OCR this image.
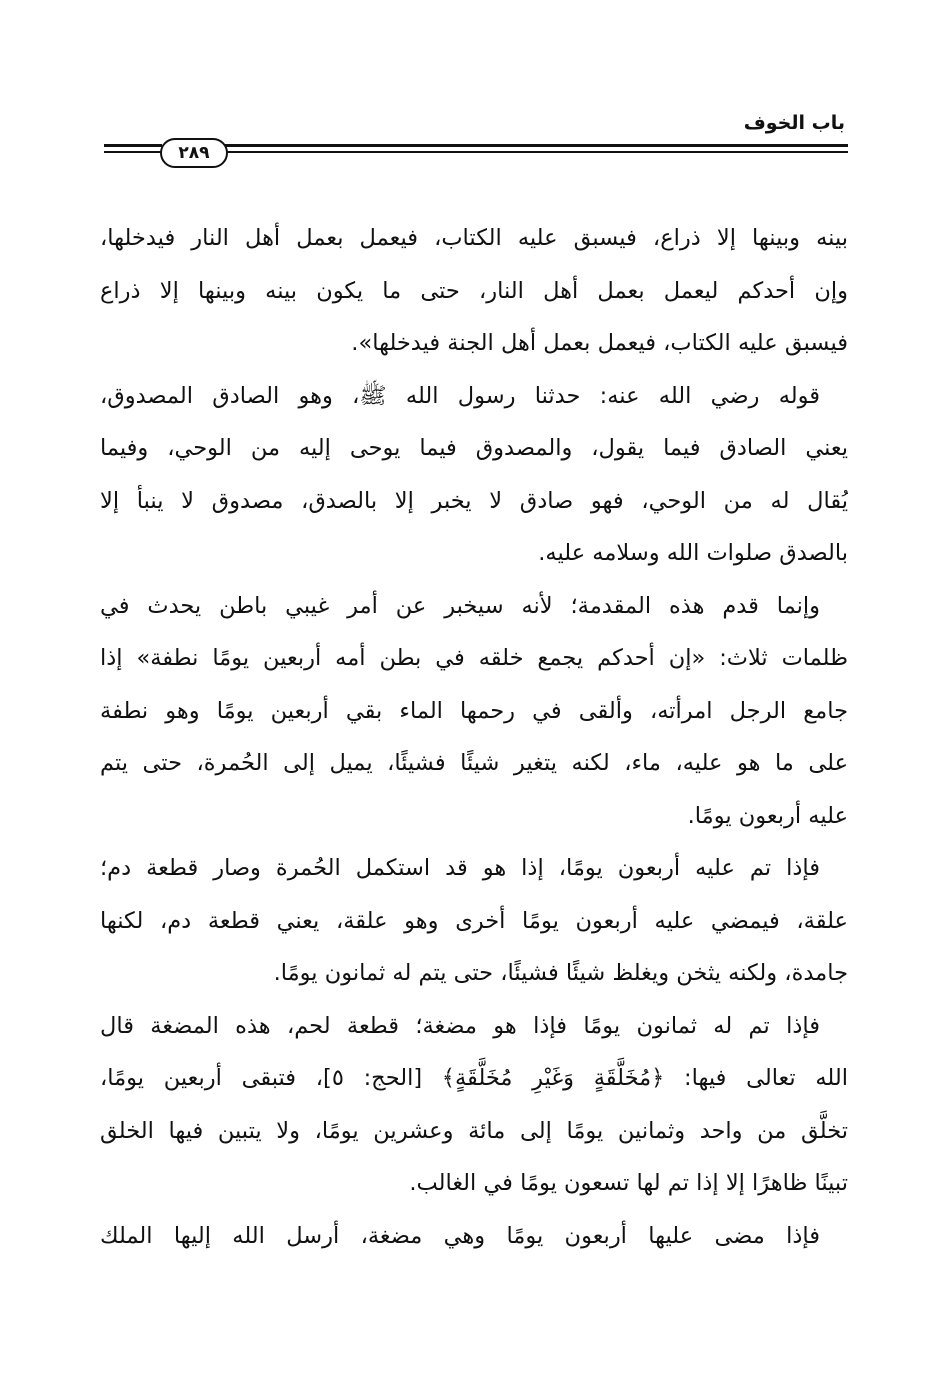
باب الخوف
٢٨٩
بينه وبينها إلا ذراع، فيسبق عليه الكتاب، فيعمل بعمل أهل النار فيدخلها،
وإن أحدكم ليعمل بعمل أهل النار، حتى ما يكون بينه وبينها إلا ذراع
فيسبق عليه الكتاب، فيعمل بعمل أهل الجنة فيدخلها».
قوله رضي الله عنه: حدثنا رسول الله ﷺ، وهو الصادق المصدوق،
يعني الصادق فيما يقول، والمصدوق فيما يوحى إليه من الوحي، وفيما
يُقال له من الوحي، فهو صادق لا يخبر إلا بالصدق، مصدوق لا ينبأ إلا
بالصدق صلوات الله وسلامه عليه.
وإنما قدم هذه المقدمة؛ لأنه سيخبر عن أمر غيبي باطن يحدث في
ظلمات ثلاث: «إن أحدكم يجمع خلقه في بطن أمه أربعين يومًا نطفة» إذا
جامع الرجل امرأته، وألقى في رحمها الماء بقي أربعين يومًا وهو نطفة
على ما هو عليه، ماء، لكنه يتغير شيئًا فشيئًا، يميل إلى الحُمرة، حتى يتم
عليه أربعون يومًا.
فإذا تم عليه أربعون يومًا، إذا هو قد استكمل الحُمرة وصار قطعة دم؛
علقة، فيمضي عليه أربعون يومًا أخرى وهو علقة، يعني قطعة دم، لكنها
جامدة، ولكنه يثخن ويغلظ شيئًا فشيئًا، حتى يتم له ثمانون يومًا.
فإذا تم له ثمانون يومًا فإذا هو مضغة؛ قطعة لحم، هذه المضغة قال
الله تعالى فيها: ﴿مُخَلَّقَةٍ وَغَيْرِ مُخَلَّقَةٍ﴾ [الحج: ٥]، فتبقى أربعين يومًا،
تخلَّق من واحد وثمانين يومًا إلى مائة وعشرين يومًا، ولا يتبين فيها الخلق
تبينًا ظاهرًا إلا إذا تم لها تسعون يومًا في الغالب.
فإذا مضى عليها أربعون يومًا وهي مضغة، أرسل الله إليها الملك
